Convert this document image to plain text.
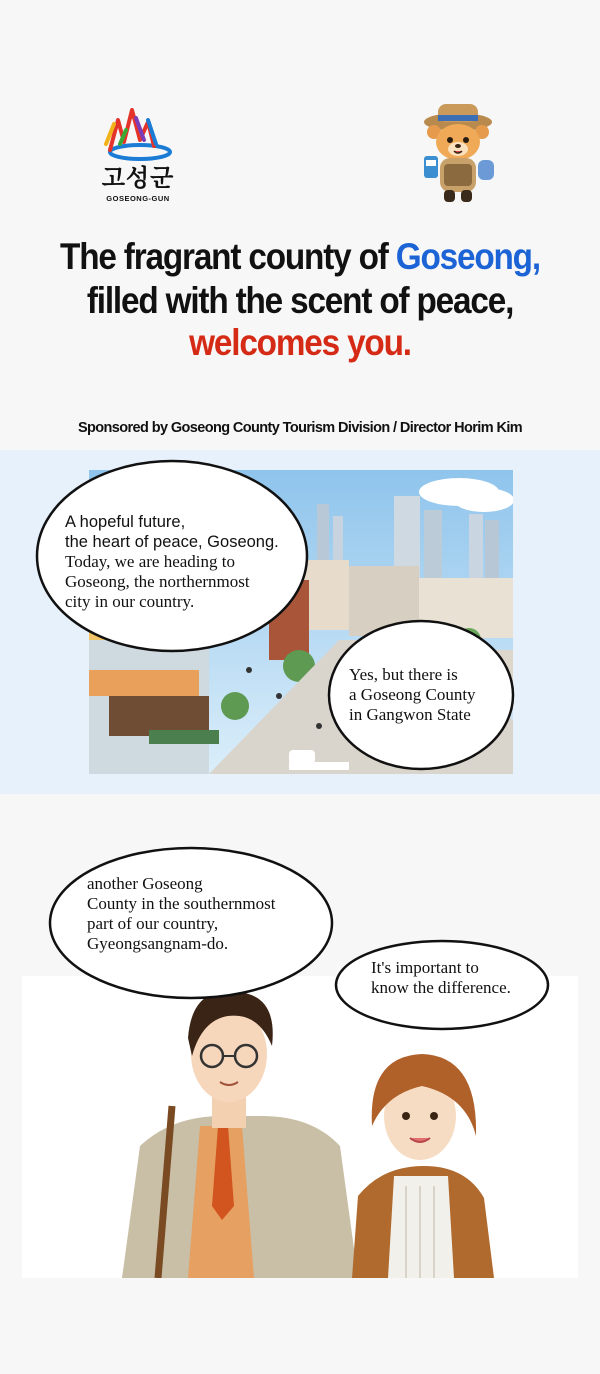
고성군
GOSEONG-GUN
The fragrant county of Goseong,
filled with the scent of peace,
welcomes you.
Sponsored by Goseong County Tourism Division / Director Horim Kim
A hopeful future,
the heart of peace, Goseong.
Today, we are heading to
Goseong, the northernmost
city in our country.
Yes, but there is
a Goseong County
in Gangwon State
another Goseong
County in the southernmost
part of our country,
Gyeongsangnam-do.
It's important to
know the difference.
